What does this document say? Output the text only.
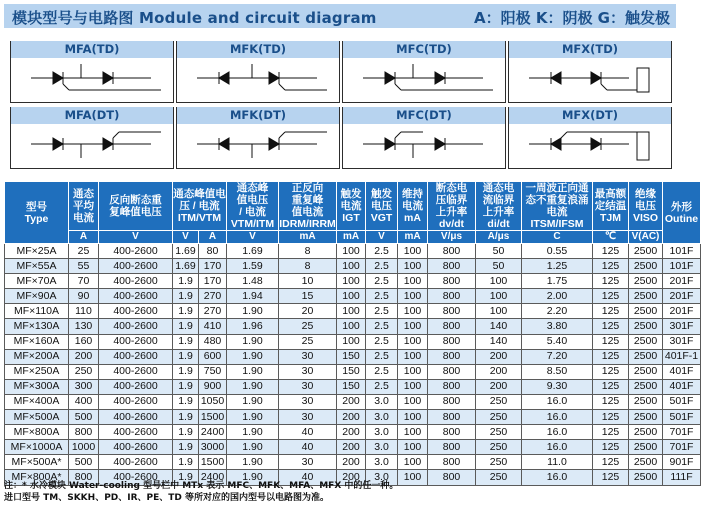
模块型号与电路图 Module and circuit diagram	A：阳极 K：阴极 G：触发极
MFA(TD)	MFK(TD)	MFC(TD)	MFX(TD)
MFA(DT)	MFK(DT)	MFC(DT)	MFX(DT)
型号
Type	通态
平均
电流	反向断态重
复峰值电压	通态峰值电
压 / 电流
ITM/VTM		通态峰
值电压
/ 电流
VTM/ITM	正反向
重复峰
值电流
IDRM/IRRM	触发
电流
IGT	触发
电压
VGT	维持
电流
mA	断态电
压临界
上升率
dv/dt	通态电
流临界
上升率
di/dt	一周波正向通
态不重复浪涌
电流 ITSM/IFSM	最高额
定结温
TJM	绝缘
电压
VISO	外形
Outine
	A	V	V	A	V	mA	mA	V	mA	V/μs	A/μs	C	℃	V(AC)	
MF×25A	25	400-2600	1.69	80	1.69	8	100	2.5	100	800	50	0.55	125	2500	101F
MF×55A	55	400-2600	1.69	170	1.59	8	100	2.5	100	800	50	1.25	125	2500	101F
MF×70A	70	400-2600	1.9	170	1.48	10	100	2.5	100	800	100	1.75	125	2500	201F
MF×90A	90	400-2600	1.9	270	1.94	15	100	2.5	100	800	100	2.00	125	2500	201F
MF×110A	110	400-2600	1.9	270	1.90	20	100	2.5	100	800	100	2.20	125	2500	201F
MF×130A	130	400-2600	1.9	410	1.96	25	100	2.5	100	800	140	3.80	125	2500	301F
MF×160A	160	400-2600	1.9	480	1.90	25	100	2.5	100	800	140	5.40	125	2500	301F
MF×200A	200	400-2600	1.9	600	1.90	30	150	2.5	100	800	200	7.20	125	2500	401F-1
MF×250A	250	400-2600	1.9	750	1.90	30	150	2.5	100	800	200	8.50	125	2500	401F
MF×300A	300	400-2600	1.9	900	1.90	30	150	2.5	100	800	200	9.30	125	2500	401F
MF×400A	400	400-2600	1.9	1050	1.90	30	200	3.0	100	800	250	16.0	125	2500	501F
MF×500A	500	400-2600	1.9	1500	1.90	30	200	3.0	100	800	250	16.0	125	2500	501F
MF×800A	800	400-2600	1.9	2400	1.90	40	200	3.0	100	800	250	16.0	125	2500	701F
MF×1000A	1000	400-2600	1.9	3000	1.90	40	200	3.0	100	800	250	16.0	125	2500	701F
MF×500A*	500	400-2600	1.9	1500	1.90	30	200	3.0	100	800	250	11.0	125	2500	901F
MF×800A*	800	400-2600	1.9	2400	1.90	40	200	3.0	100	800	250	16.0	125	2500	111F
注：* 水冷模块 Water-cooling 型号栏中 MTx 表示 MFC、MFK、MFA、MFX 中的任一种。
进口型号 TM、SKKH、PD、IR、PE、TD 等所对应的国内型号以电路图为准。
